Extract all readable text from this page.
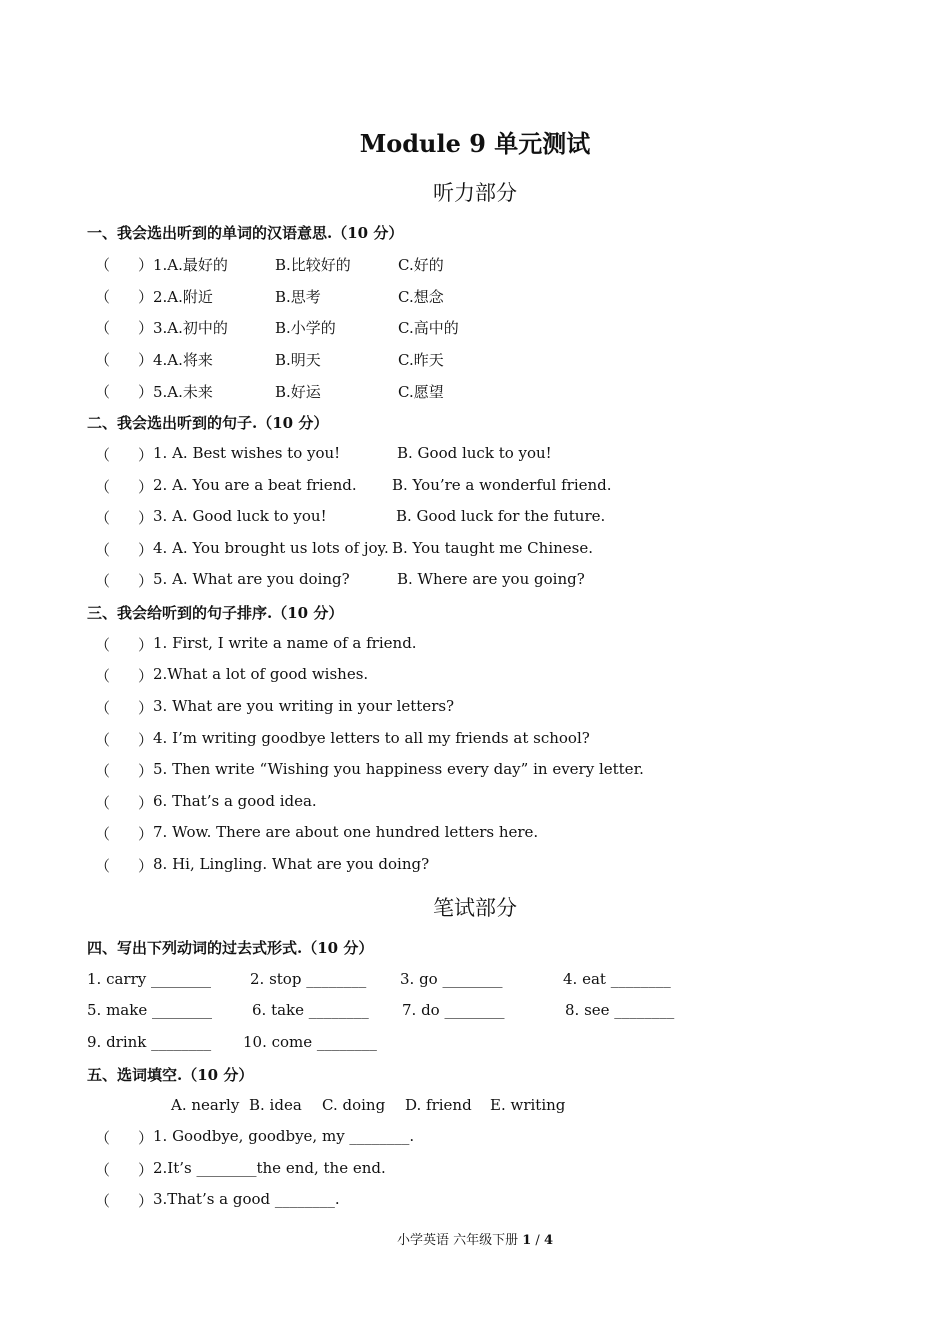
Module 9 单元测试
听力部分
一、我会选出听到的单词的汉语意思.（10 分）
（ ） 1.A.最好的	B.比较好的	C.好的
（ ） 2.A.附近	B.思考	C.想念
（ ） 3.A.初中的	B.小学的	C.高中的
（ ） 4.A.将来	B.明天	C.昨天
（ ） 5.A.未来	B.好运	C.愿望
二、我会选出听到的句子.（10 分）
（ ） 1. A. Best wishes to you!	B. Good luck to you!
（ ） 2. A. You are a beat friend. B. You’re a wonderful friend.
（ ） 3. A. Good luck to you!	B. Good luck for the future.
（ ） 4. A. You brought us lots of joy. B. You taught me Chinese.
（ ） 5. A. What are you doing?	B. Where are you going?
三、我会给听到的句子排序.（10 分）
（ ） 1. First, I write a name of a friend.
（ ） 2.What a lot of good wishes.
（ ） 3. What are you writing in your letters?
（ ） 4. I’m writing goodbye letters to all my friends at school?
（ ） 5. Then write “Wishing you happiness every day” in every letter.
（ ） 6. That’s a good idea.
（ ） 7. Wow. There are about one hundred letters here.
（ ） 8. Hi, Lingling. What are you doing?
笔试部分
四、写出下列动词的过去式形式.（10 分）
1. carry ________	2. stop ________ 3. go ________	4. eat ________
5. make ________	6. take ________ 7. do ________	8. see ________
9. drink ________ 10. come ________
五、选词填空.（10 分）
A. nearly B. idea C. doing D. friend E. writing
（ ） 1. Goodbye, goodbye, my ________.
（ ） 2.It’s ________the end, the end.
（ ） 3.That’s a good ________.
小学英语 六年级下册 1 / 4
